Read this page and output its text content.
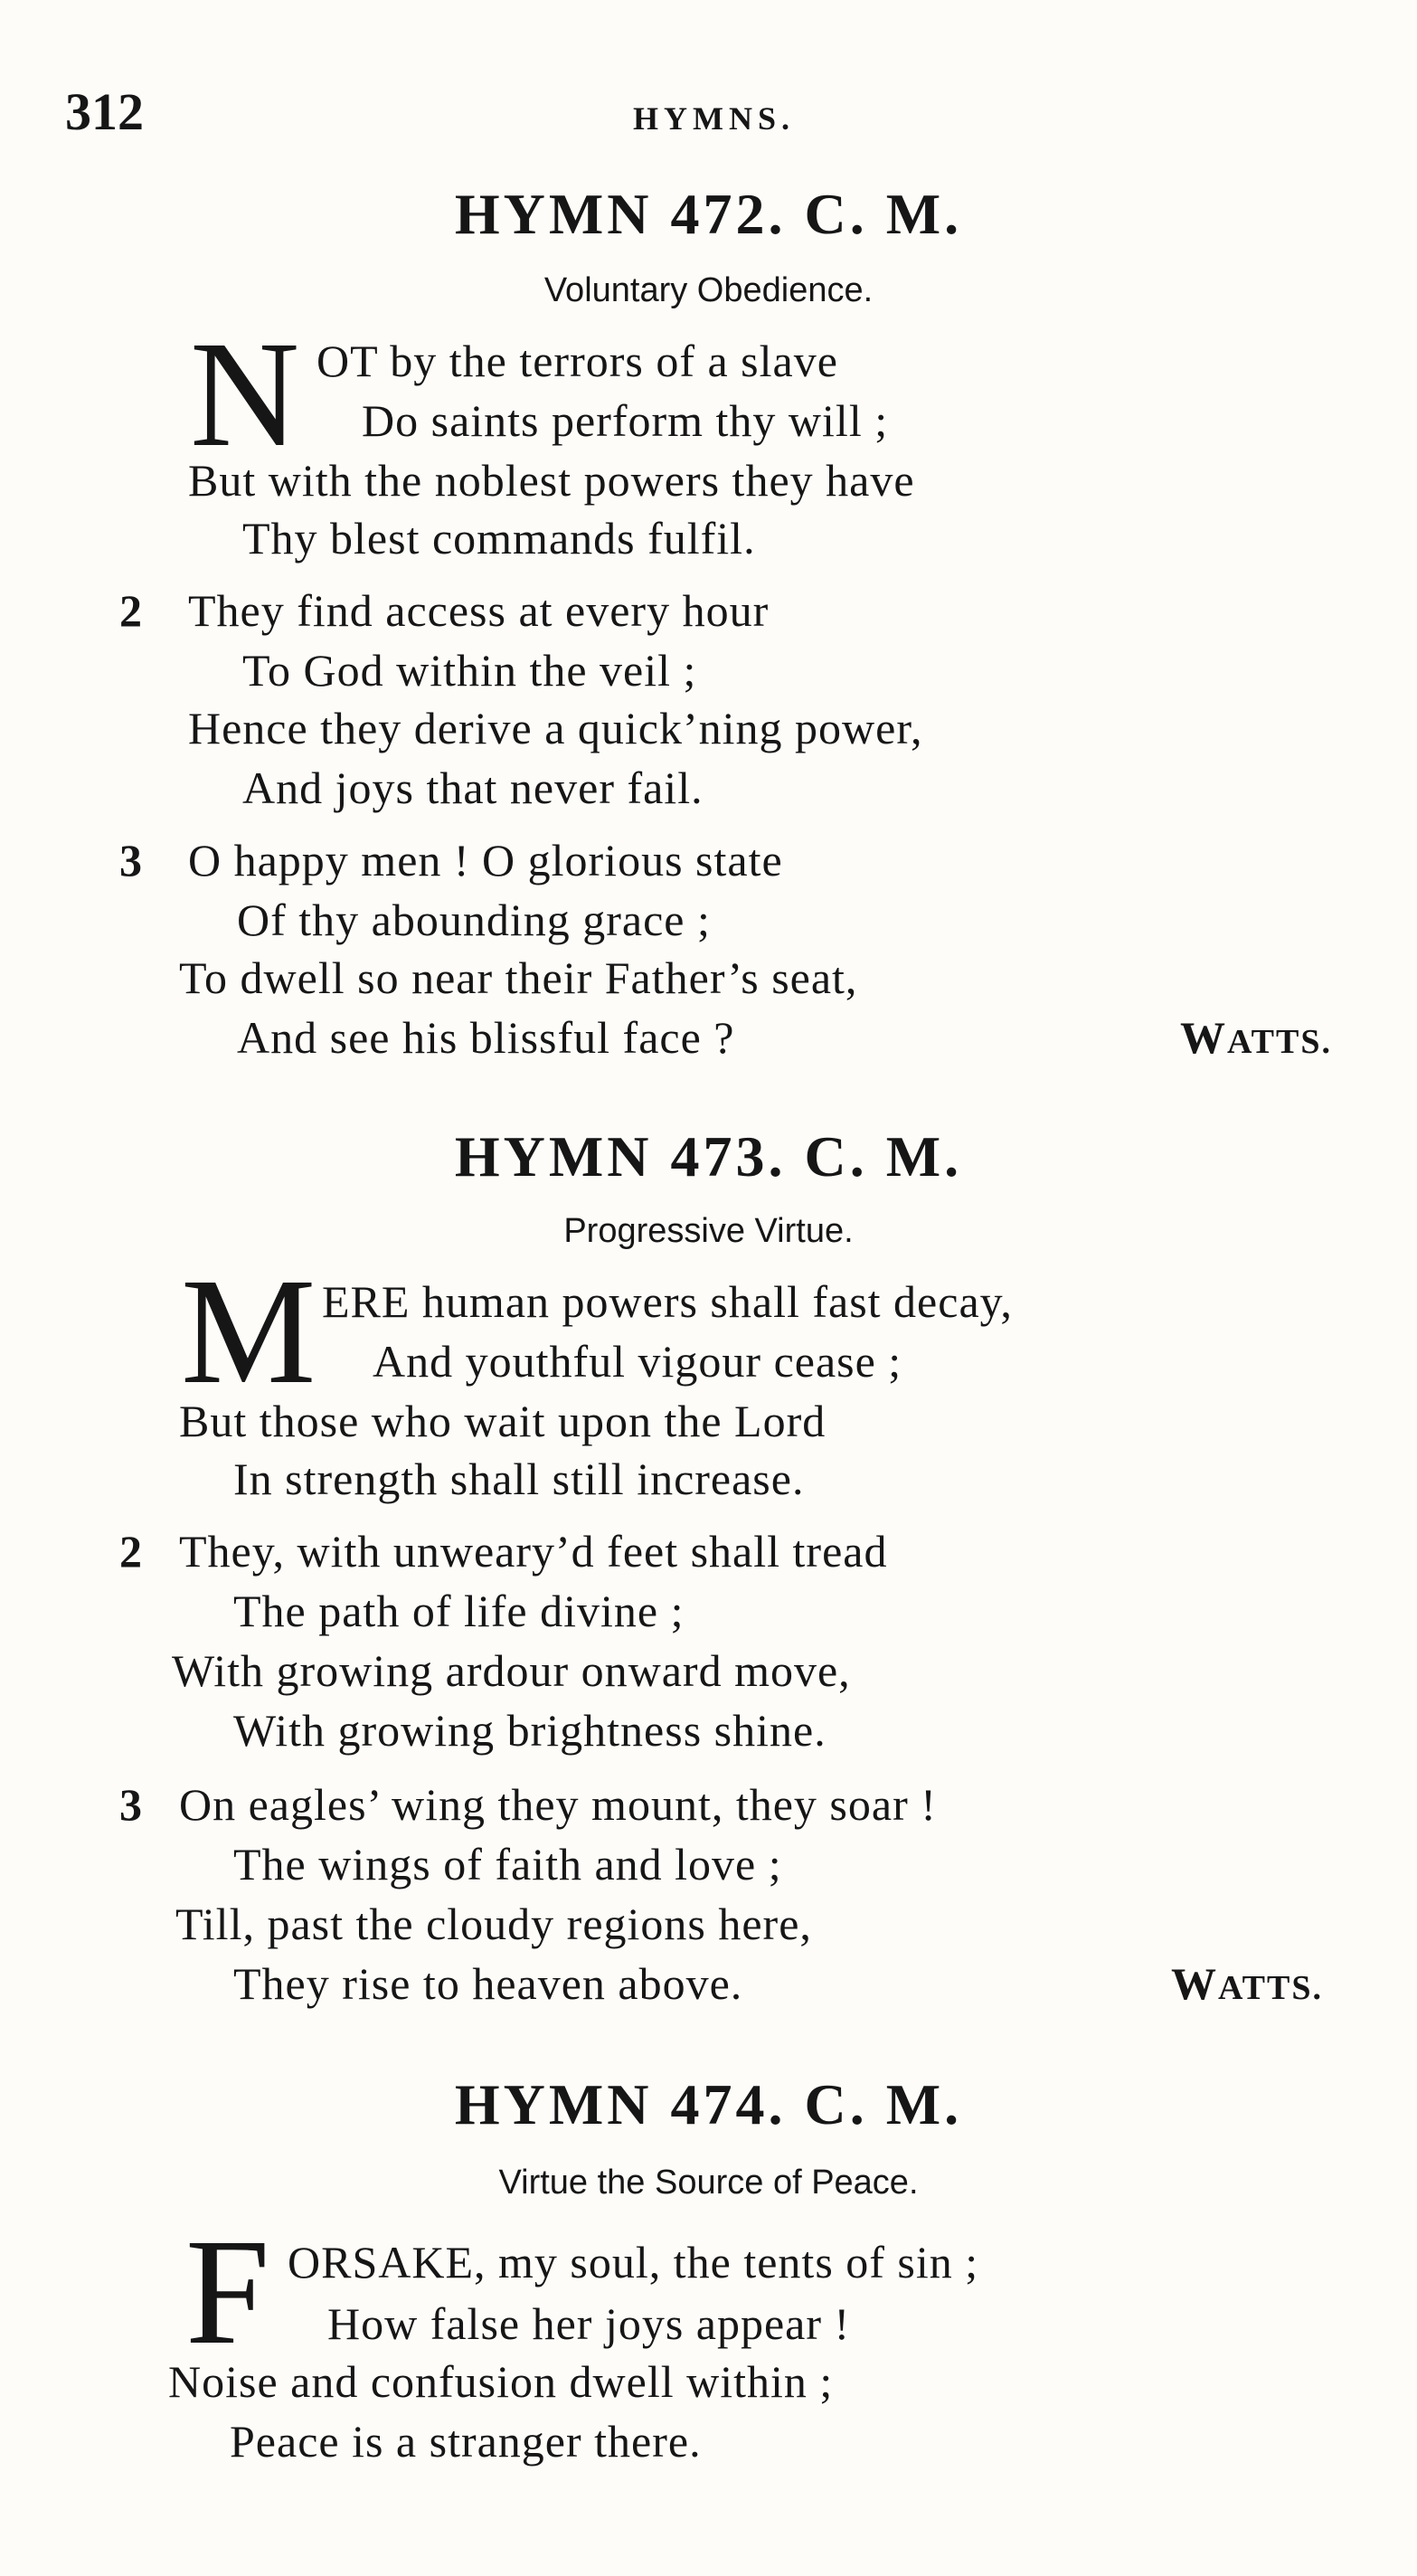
312	HYMNS.
HYMN 472. C. M.
Voluntary Obedience.
N OT by the terrors of a slave
Do saints perform thy will ;
But with the noblest powers they have
Thy blest commands fulfil.
2 They find access at every hour
To God within the veil ;
Hence they derive a quick’ning power,
And joys that never fail.
3 O happy men ! O glorious state
Of thy abounding grace ;
To dwell so near their Father’s seat,
And see his blissful face ?	WATTS.
HYMN 473. C. M.
Progressive Virtue.
M ERE human powers shall fast decay,
And youthful vigour cease ;
But those who wait upon the Lord
In strength shall still increase.
2 They, with unweary’d feet shall tread
The path of life divine ;
With growing ardour onward move,
With growing brightness shine.
3 On eagles’ wing they mount, they soar !
The wings of faith and love ;
Till, past the cloudy regions here,
They rise to heaven above.	WATTS.
HYMN 474. C. M.
Virtue the Source of Peace.
F ORSAKE, my soul, the tents of sin ;
How false her joys appear !
Noise and confusion dwell within ;
Peace is a stranger there.
